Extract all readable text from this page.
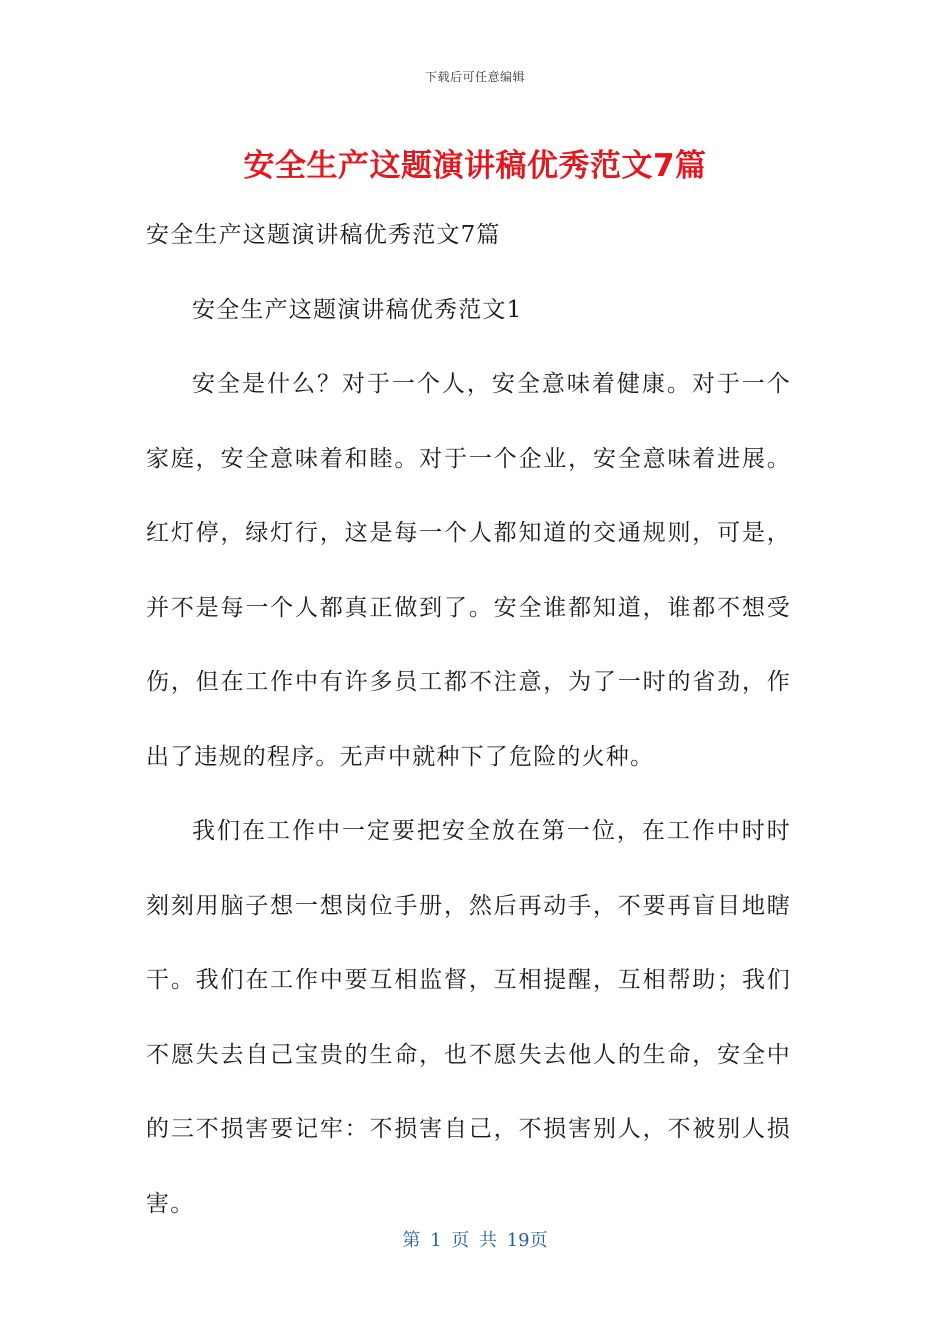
下载后可任意编辑
安全生产这题演讲稿优秀范文7篇

安全生产这题演讲稿优秀范文7篇

安全生产这题演讲稿优秀范文1

安全是什么？对于一个人，安全意味着健康。对于一个家庭，安全意味着和睦。对于一个企业，安全意味着进展。红灯停，绿灯行，这是每一个人都知道的交通规则，可是，并不是每一个人都真正做到了。安全谁都知道，谁都不想受伤，但在工作中有许多员工都不注意，为了一时的省劲，作出了违规的程序。无声中就种下了危险的火种。

我们在工作中一定要把安全放在第一位，在工作中时时刻刻用脑子想一想岗位手册，然后再动手，不要再盲目地瞎干。我们在工作中要互相监督，互相提醒，互相帮助；我们不愿失去自己宝贵的生命，也不愿失去他人的生命，安全中的三不损害要记牢：不损害自己，不损害别人，不被别人损害。

第 1 页 共 19页
